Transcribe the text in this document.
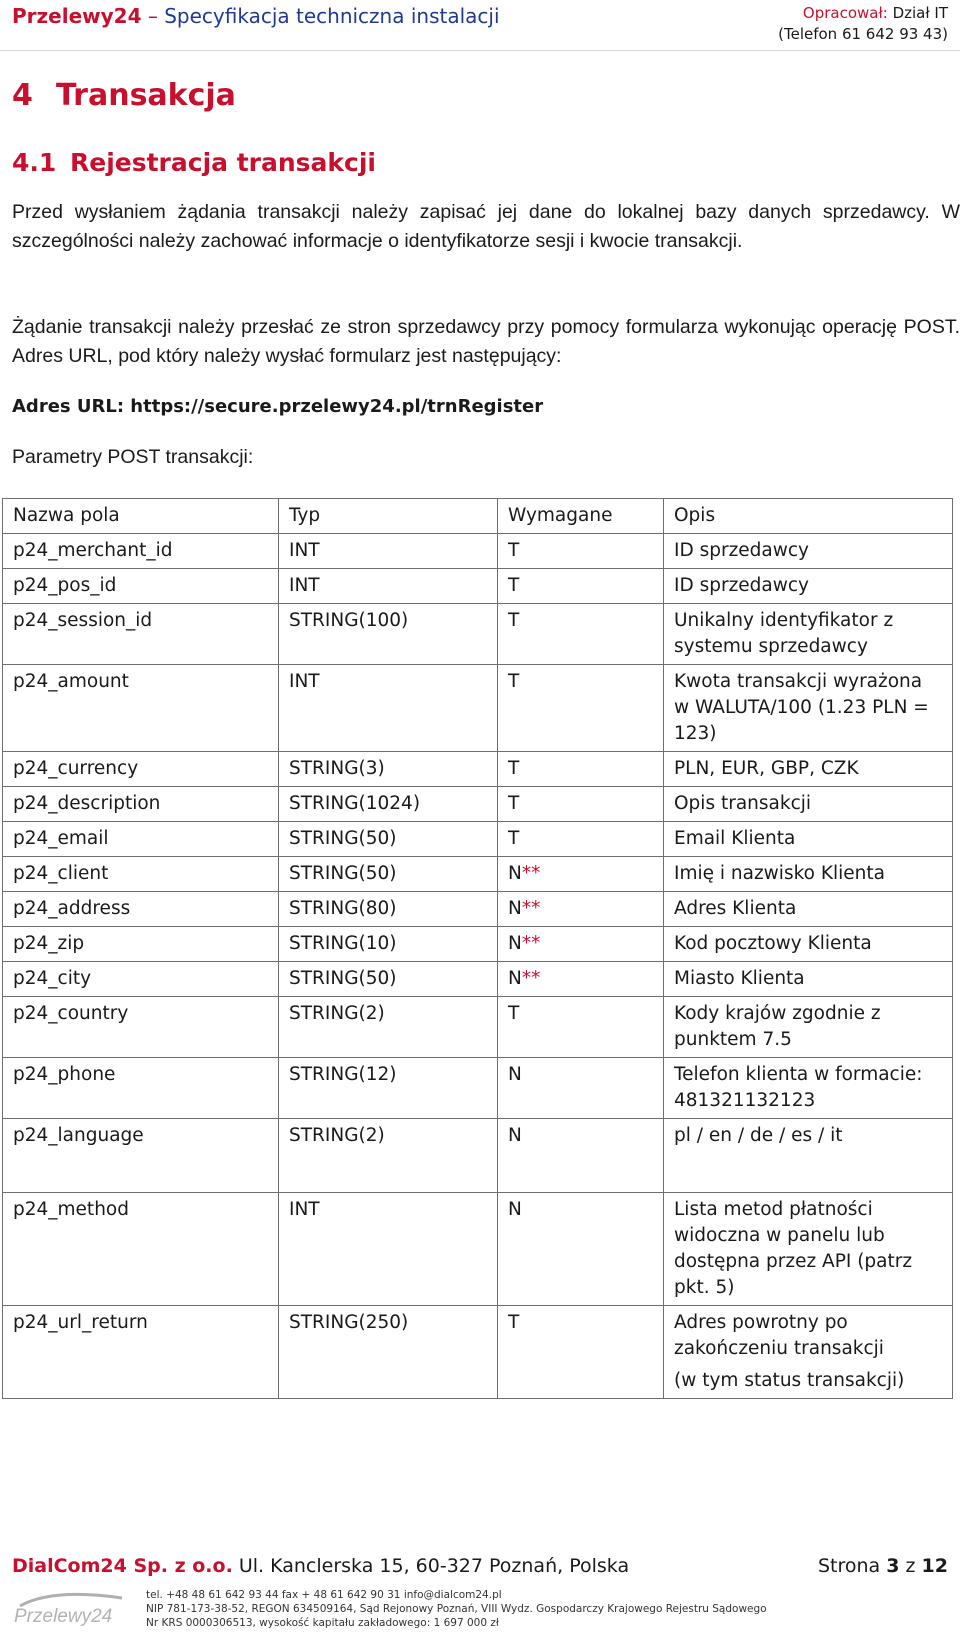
Przelewy24 – Specyfikacja techniczna instalacji	Opracował: Dział IT
(Telefon 61 642 93 43)
4 Transakcja
4.1 Rejestracja transakcji
Przed wysłaniem żądania transakcji należy zapisać jej dane do lokalnej bazy danych sprzedawcy. W szczególności należy zachować informacje o identyfikatorze sesji i kwocie transakcji.
Żądanie transakcji należy przesłać ze stron sprzedawcy przy pomocy formularza wykonując operację POST. Adres URL, pod który należy wysłać formularz jest następujący:
Adres URL: https://secure.przelewy24.pl/trnRegister
Parametry POST transakcji:
Nazwa pola	Typ	Wymagane	Opis
p24_merchant_id	INT	T	ID sprzedawcy

p24_pos_id	INT	T	ID sprzedawcy

p24_session_id	STRING(100)	T	Unikalny identyfikator z systemu sprzedawcy

p24_amount	INT	T	Kwota transakcji wyrażona w WALUTA/100 (1.23 PLN = 123)

p24_currency	STRING(3)	T	PLN, EUR, GBP, CZK

p24_description	STRING(1024)	T	Opis transakcji

p24_email	STRING(50)	T	Email Klienta

p24_client	STRING(50)	N**	Imię i nazwisko Klienta

p24_address	STRING(80)	N**	Adres Klienta

p24_zip	STRING(10)	N**	Kod pocztowy Klienta

p24_city	STRING(50)	N**	Miasto Klienta

p24_country	STRING(2)	T	Kody krajów zgodnie z punktem 7.5

p24_phone	STRING(12)	N	Telefon klienta w formacie: 481321132123

p24_language	STRING(2)	N	pl / en / de / es / it

p24_method	INT	N	Lista metod płatności widoczna w panelu lub dostępna przez API (patrz pkt. 5)

p24_url_return	STRING(250)	T	Adres powrotny po zakończeniu transakcji
(w tym status transakcji)
DialCom24 Sp. z o.o. Ul. Kanclerska 15, 60-327 Poznań, Polska	Strona 3 z 12
Przelewy24
tel. +48 48 61 642 93 44 fax + 48 61 642 90 31 info@dialcom24.pl
NIP 781-173-38-52, REGON 634509164, Sąd Rejonowy Poznań, VIII Wydz. Gospodarczy Krajowego Rejestru Sądowego
Nr KRS 0000306513, wysokość kapitału zakładowego: 1 697 000 zł
